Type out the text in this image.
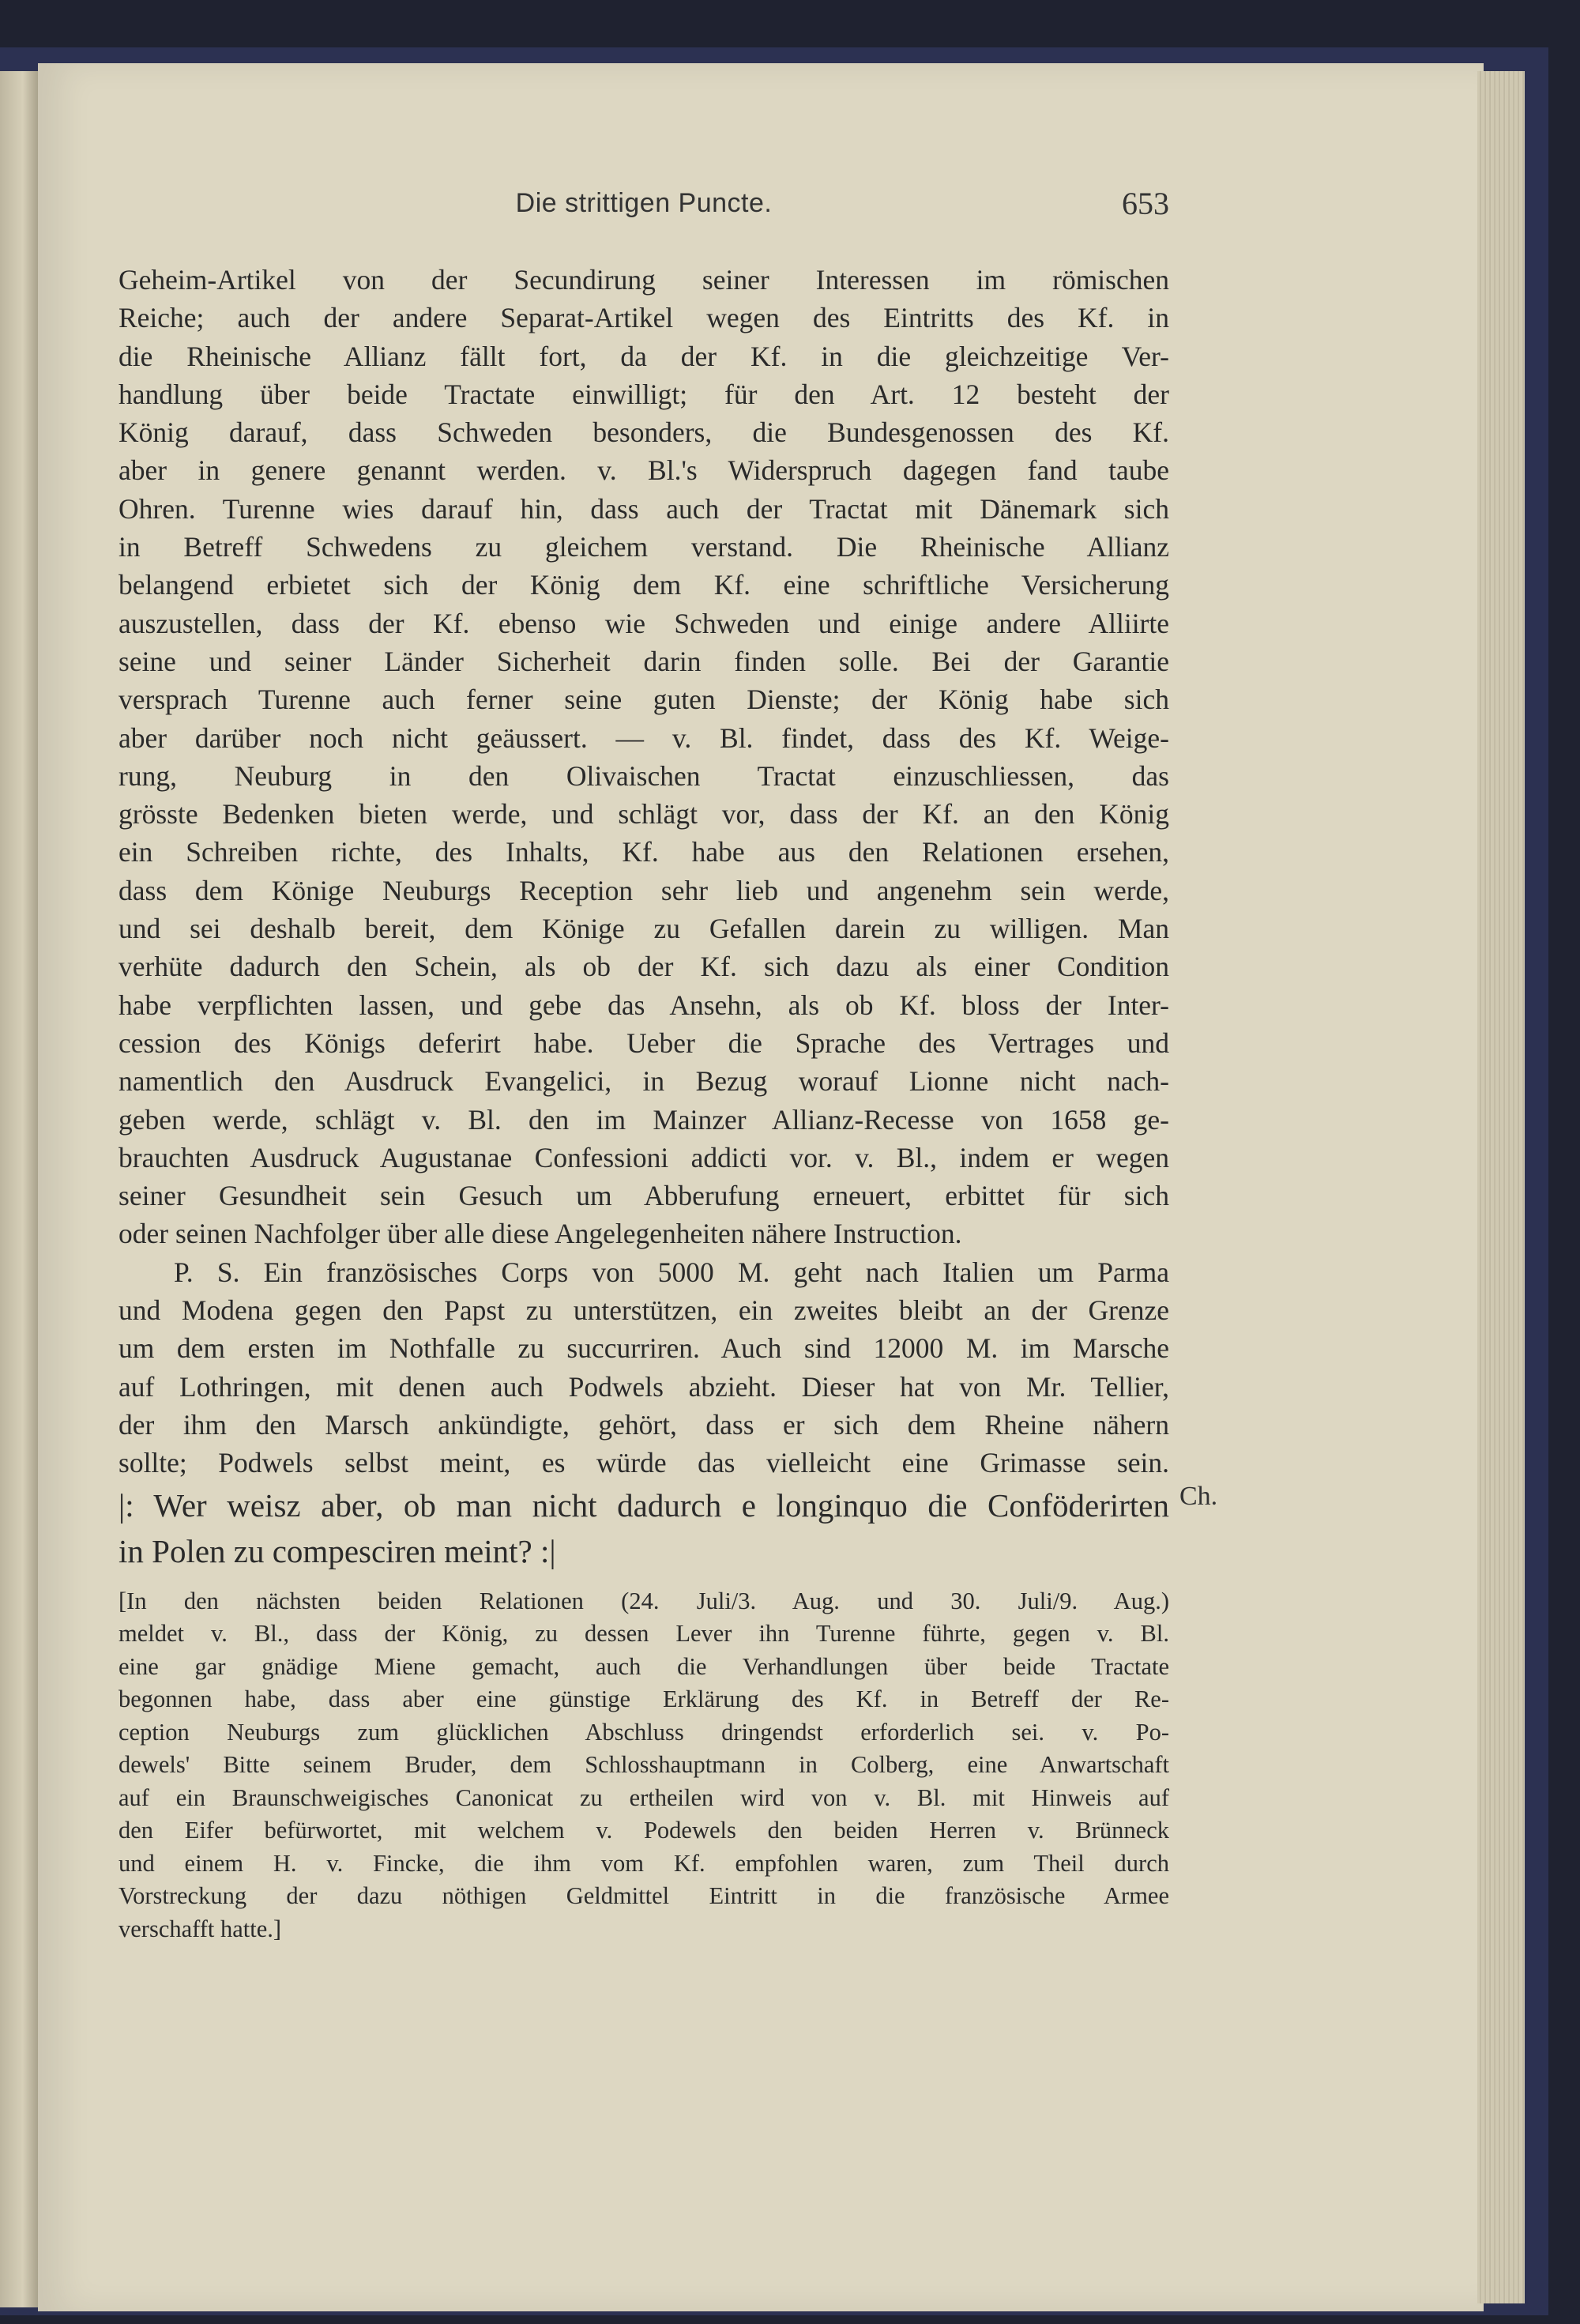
Die strittigen Puncte.	653
Geheim-Artikel von der Secundirung seiner Interessen im römischen
Reiche; auch der andere Separat-Artikel wegen des Eintritts des Kf. in
die Rheinische Allianz fällt fort, da der Kf. in die gleichzeitige Ver-
handlung über beide Tractate einwilligt; für den Art. 12 besteht der
König darauf, dass Schweden besonders, die Bundesgenossen des Kf.
aber in genere genannt werden. v. Bl.'s Widerspruch dagegen fand taube
Ohren. Turenne wies darauf hin, dass auch der Tractat mit Dänemark sich
in Betreff Schwedens zu gleichem verstand. Die Rheinische Allianz
belangend erbietet sich der König dem Kf. eine schriftliche Versicherung
auszustellen, dass der Kf. ebenso wie Schweden und einige andere Alliirte
seine und seiner Länder Sicherheit darin finden solle. Bei der Garantie
versprach Turenne auch ferner seine guten Dienste; der König habe sich
aber darüber noch nicht geäussert. — v. Bl. findet, dass des Kf. Weige-
rung, Neuburg in den Olivaischen Tractat einzuschliessen, das
grösste Bedenken bieten werde, und schlägt vor, dass der Kf. an den König
ein Schreiben richte, des Inhalts, Kf. habe aus den Relationen ersehen,
dass dem Könige Neuburgs Reception sehr lieb und angenehm sein werde,
und sei deshalb bereit, dem Könige zu Gefallen darein zu willigen. Man
verhüte dadurch den Schein, als ob der Kf. sich dazu als einer Condition
habe verpflichten lassen, und gebe das Ansehn, als ob Kf. bloss der Inter-
cession des Königs deferirt habe. Ueber die Sprache des Vertrages und
namentlich den Ausdruck Evangelici, in Bezug worauf Lionne nicht nach-
geben werde, schlägt v. Bl. den im Mainzer Allianz-Recesse von 1658 ge-
brauchten Ausdruck Augustanae Confessioni addicti vor. v. Bl., indem er wegen
seiner Gesundheit sein Gesuch um Abberufung erneuert, erbittet für sich
oder seinen Nachfolger über alle diese Angelegenheiten nähere Instruction.
P. S. Ein französisches Corps von 5000 M. geht nach Italien um Parma
und Modena gegen den Papst zu unterstützen, ein zweites bleibt an der Grenze
um dem ersten im Nothfalle zu succurriren. Auch sind 12000 M. im Marsche
auf Lothringen, mit denen auch Podwels abzieht. Dieser hat von Mr. Tellier,
der ihm den Marsch ankündigte, gehört, dass er sich dem Rheine nähern
sollte; Podwels selbst meint, es würde das vielleicht eine Grimasse sein.
|: Wer weisz aber, ob man nicht dadurch e longinquo die Conföderirten
in Polen zu compesciren meint? :|
[In den nächsten beiden Relationen (24. Juli/3. Aug. und 30. Juli/9. Aug.)
meldet v. Bl., dass der König, zu dessen Lever ihn Turenne führte, gegen v. Bl.
eine gar gnädige Miene gemacht, auch die Verhandlungen über beide Tractate
begonnen habe, dass aber eine günstige Erklärung des Kf. in Betreff der Re-
ception Neuburgs zum glücklichen Abschluss dringendst erforderlich sei. v. Po-
dewels' Bitte seinem Bruder, dem Schlosshauptmann in Colberg, eine Anwartschaft
auf ein Braunschweigisches Canonicat zu ertheilen wird von v. Bl. mit Hinweis auf
den Eifer befürwortet, mit welchem v. Podewels den beiden Herren v. Brünneck
und einem H. v. Fincke, die ihm vom Kf. empfohlen waren, zum Theil durch
Vorstreckung der dazu nöthigen Geldmittel Eintritt in die französische Armee
verschafft hatte.]
Ch.
